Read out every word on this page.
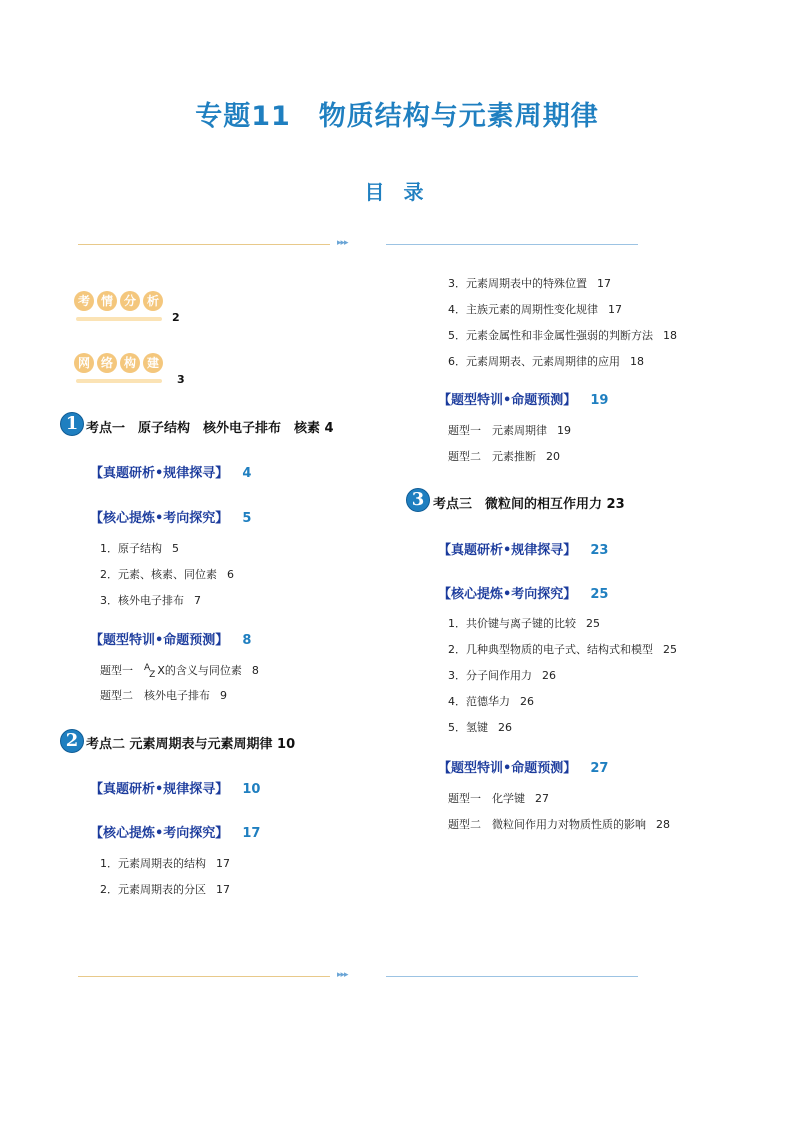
专题11　物质结构与元素周期律
目 录
▸▸▸
考 情 分 析
2
网 络 构 建
3
1 考点一　原子结构　核外电子排布　核素 4
【真题研析•规律探寻】 4
【核心提炼•考向探究】 5
1．原子结构 5
2．元素、核素、同位素 6
3．核外电子排布 7
【题型特训•命题预测】 8
题型一　$^A_Z$ X的含义与同位素 8
题型二　核外电子排布 9
2 考点二 元素周期表与元素周期律 10
【真题研析•规律探寻】 10
【核心提炼•考向探究】 17
1．元素周期表的结构 17
2．元素周期表的分区 17
3．元素周期表中的特殊位置 17
4．主族元素的周期性变化规律 17
5．元素金属性和非金属性强弱的判断方法 18
6．元素周期表、元素周期律的应用 18
【题型特训•命题预测】 19
题型一　元素周期律 19
题型二　元素推断 20
3 考点三　微粒间的相互作用力 23
【真题研析•规律探寻】 23
【核心提炼•考向探究】 25
1．共价键与离子键的比较 25
2．几种典型物质的电子式、结构式和模型 25
3．分子间作用力 26
4．范德华力 26
5．氢键 26
【题型特训•命题预测】 27
题型一　化学键 27
题型二　微粒间作用力对物质性质的影响 28
▸▸▸
